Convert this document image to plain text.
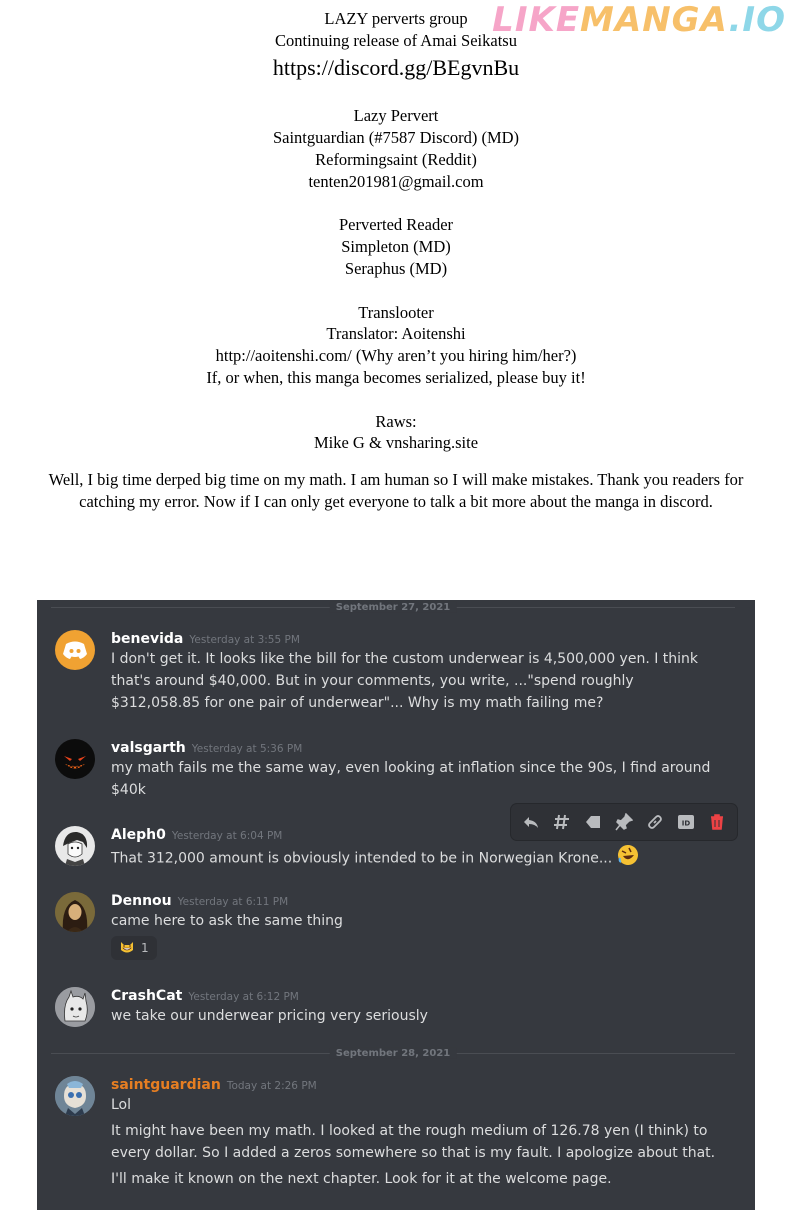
LIKEMANGA.IO
LAZY perverts group
Continuing release of Amai Seikatsu
https://discord.gg/BEgvnBu
Lazy Pervert
Saintguardian (#7587 Discord) (MD)
Reformingsaint (Reddit)
tenten201981@gmail.com
Perverted Reader
Simpleton (MD)
Seraphus (MD)
Translooter
Translator: Aoitenshi
http://aoitenshi.com/ (Why aren’t you hiring him/her?)
If, or when, this manga becomes serialized, please buy it!
Raws:
Mike G & vnsharing.site
Well, I big time derped big time on my math. I am human so I will make mistakes. Thank you readers for catching my error. Now if I can only get everyone to talk a bit more about the manga in discord.
September 27, 2021
benevida Yesterday at 3:55 PM

I don't get it. It looks like the bill for the custom underwear is 4,500,000 yen. I think that's around $40,000. But in your comments, you write, ..."spend roughly $312,058.85 for one pair of underwear"... Why is my math failing me?

valsgarth Yesterday at 5:36 PM

my math fails me the same way, even looking at inflation since the 90s, I find around $40k

ID
Aleph0 Yesterday at 6:04 PM
That 312,000 amount is obviously intended to be in Norwegian Krone...
Dennou Yesterday at 6:11 PM

came here to ask the same thing

1
CrashCat Yesterday at 6:12 PM

we take our underwear pricing very seriously

September 28, 2021
saintguardian Today at 2:26 PM

Lol

It might have been my math. I looked at the rough medium of 126.78 yen (I think) to every dollar. So I added a zeros somewhere so that is my fault. I apologize about that.

I'll make it known on the next chapter. Look for it at the welcome page.
